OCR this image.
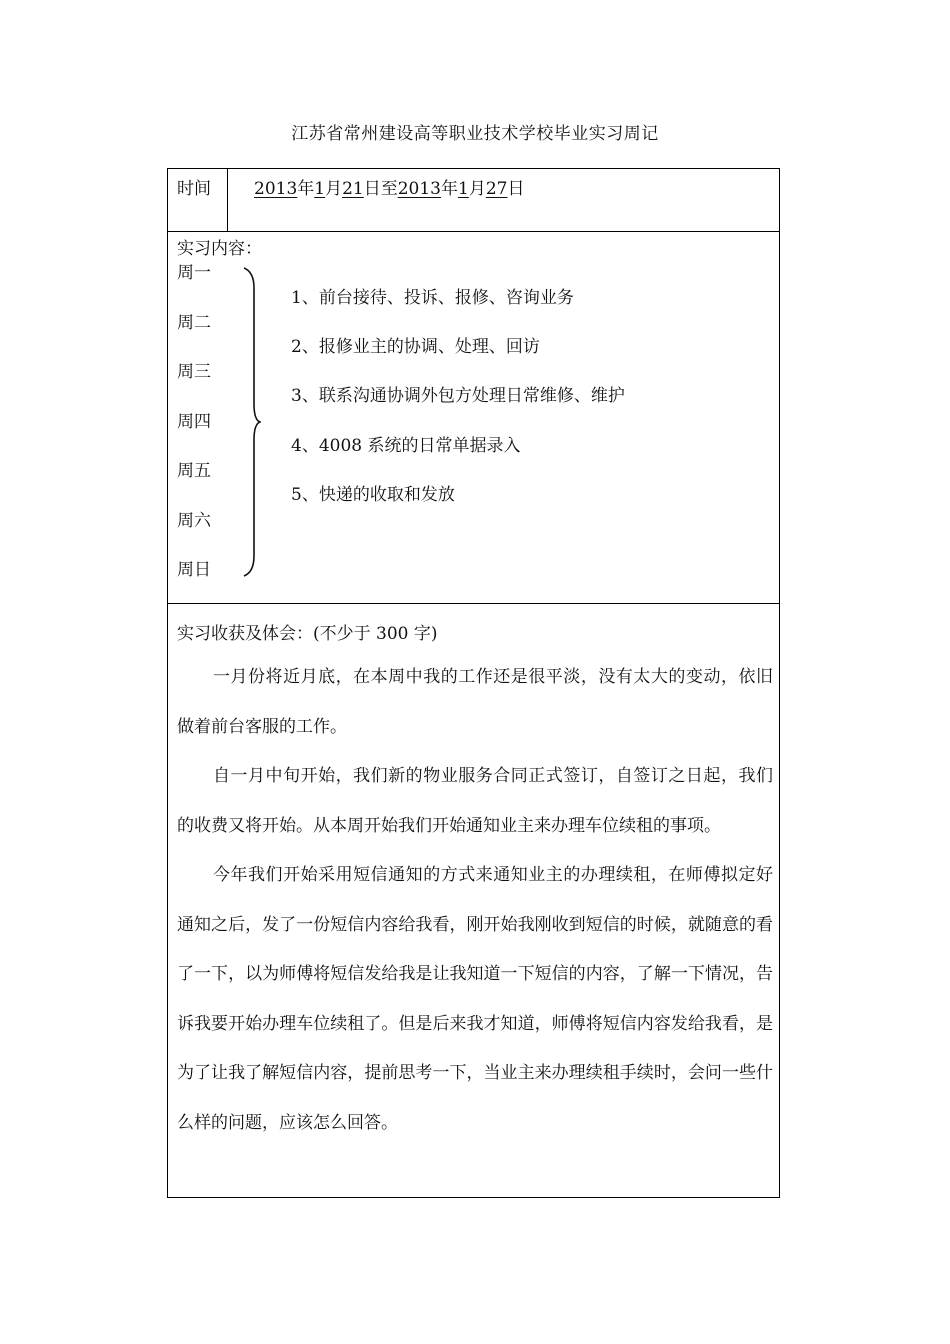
江苏省常州建设高等职业技术学校毕业实习周记
时间	2013年1月21日至2013年1月27日
实习内容：
周一
周二
周三
周四
周五
周六
周日
1、前台接待、投诉、报修、咨询业务
2、报修业主的协调、处理、回访
3、联系沟通协调外包方处理日常维修、维护
4、4008 系统的日常单据录入
5、快递的收取和发放
实习收获及体会：(不少于 300 字)

一月份将近月底，在本周中我的工作还是很平淡，没有太大的变动，依旧做着前台客服的工作。

自一月中旬开始，我们新的物业服务合同正式签订，自签订之日起，我们的收费又将开始。从本周开始我们开始通知业主来办理车位续租的事项。

今年我们开始采用短信通知的方式来通知业主的办理续租，在师傅拟定好通知之后，发了一份短信内容给我看，刚开始我刚收到短信的时候，就随意的看了一下，以为师傅将短信发给我是让我知道一下短信的内容，了解一下情况，告诉我要开始办理车位续租了。但是后来我才知道，师傅将短信内容发给我看，是为了让我了解短信内容，提前思考一下，当业主来办理续租手续时，会问一些什么样的问题，应该怎么回答。
